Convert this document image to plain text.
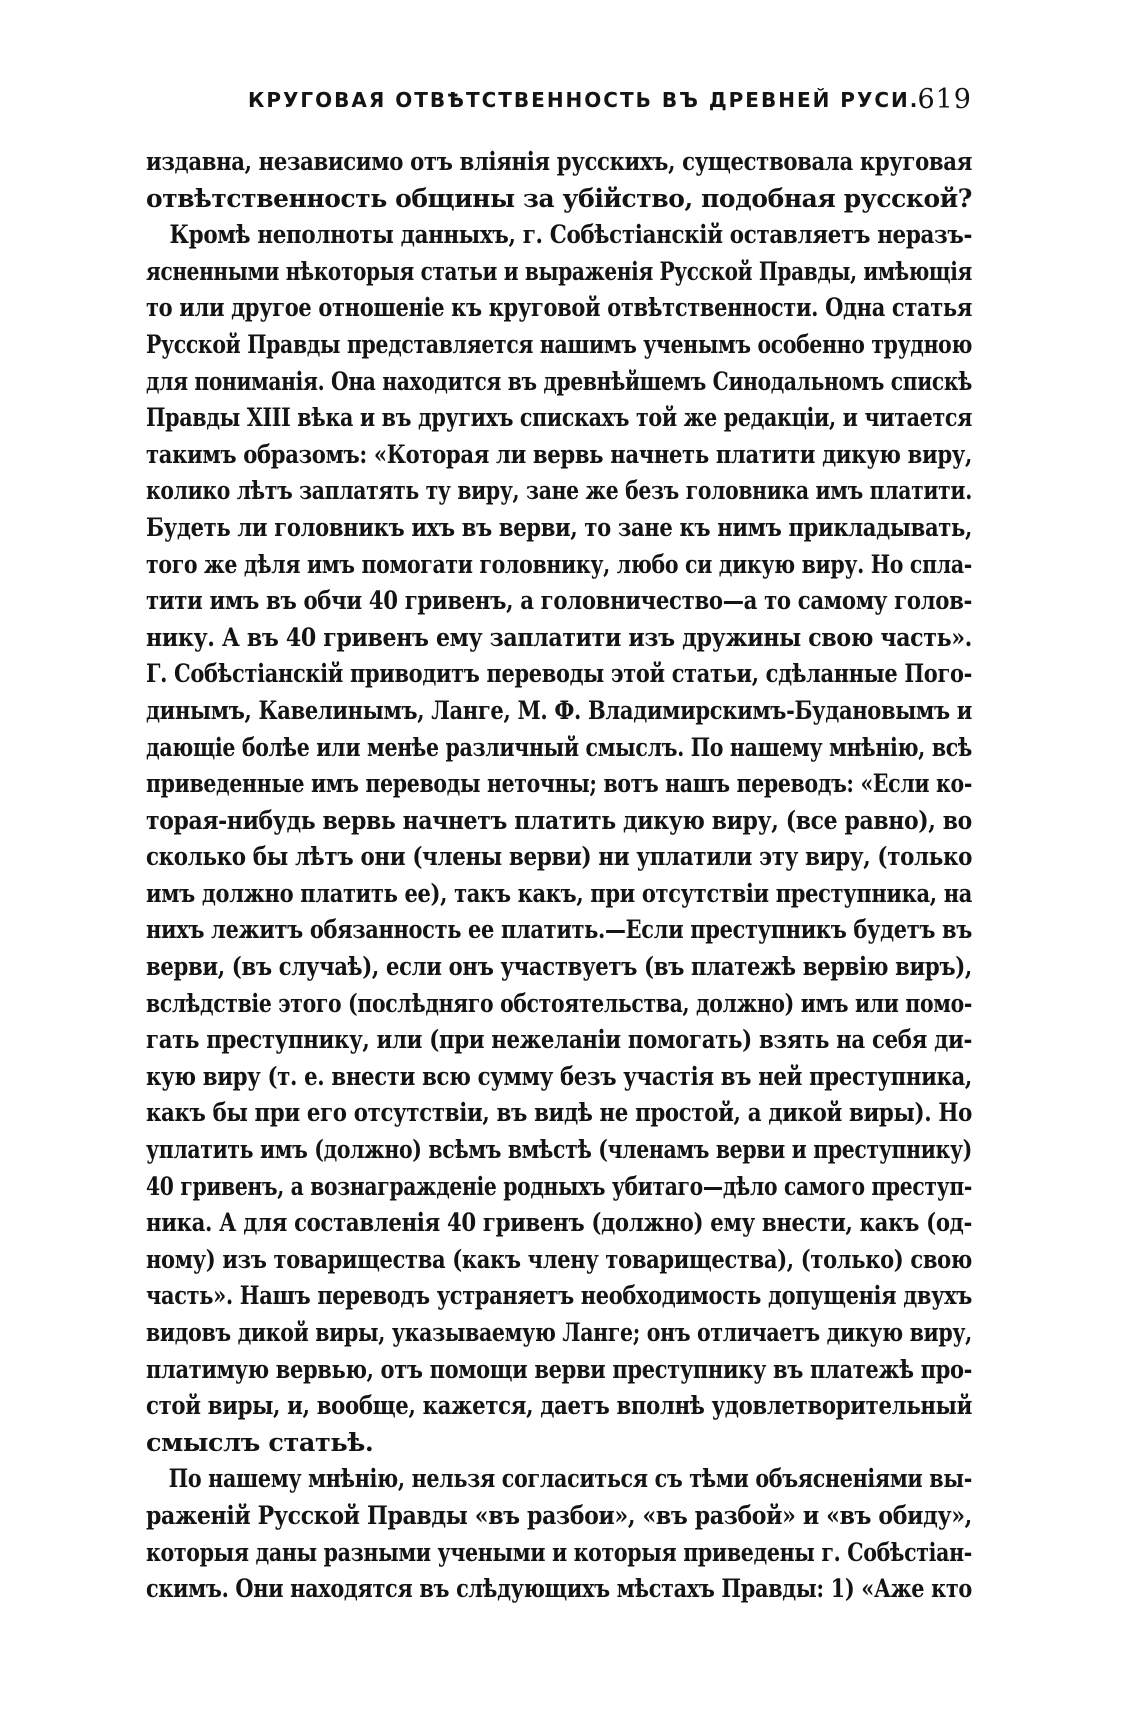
КРУГОВАЯ ОТВѢТСТВЕННОСТЬ ВЪ ДРЕВНЕЙ РУСИ.
619
издавна, независимо отъ вліянія русскихъ, существовала круговая
отвѣтственность общины за убійство, подобная русской?
Кромѣ неполноты данныхъ, г. Собѣстіанскій оставляетъ неразъ-
ясненными нѣкоторыя статьи и выраженія Русской Правды, имѣющія
то или другое отношеніе къ круговой отвѣтственности. Одна статья
Русской Правды представляется нашимъ ученымъ особенно трудною
для пониманія. Она находится въ древнѣйшемъ Синодальномъ спискѣ
Правды XIII вѣка и въ другихъ спискахъ той же редакціи, и читается
такимъ образомъ: «Которая ли вервь начнеть платити дикую виру,
колико лѣтъ заплатять ту виру, зане же безъ головника имъ платити.
Будеть ли головникъ ихъ въ верви, то зане къ нимъ прикладывать,
того же дѣля имъ помогати головнику, любо си дикую виру. Но спла-
тити имъ въ обчи 40 гривенъ, а головничество—а то самому голов-
нику. А въ 40 гривенъ ему заплатити изъ дружины свою часть».
Г. Собѣстіанскій приводитъ переводы этой статьи, сдѣланные Пого-
динымъ, Кавелинымъ, Ланге, М. Ф. Владимирскимъ-Будановымъ и
дающіе болѣе или менѣе различный смыслъ. По нашему мнѣнію, всѣ
приведенные имъ переводы неточны; вотъ нашъ переводъ: «Если ко-
торая-нибудь вервь начнетъ платить дикую виру, (все равно), во
сколько бы лѣтъ они (члены верви) ни уплатили эту виру, (только
имъ должно платить ее), такъ какъ, при отсутствіи преступника, на
нихъ лежитъ обязанность ее платить.—Если преступникъ будетъ въ
верви, (въ случаѣ), если онъ участвуетъ (въ платежѣ вервію виръ),
вслѣдствіе этого (послѣдняго обстоятельства, должно) имъ или помо-
гать преступнику, или (при нежеланіи помогать) взять на себя ди-
кую виру (т. е. внести всю сумму безъ участія въ ней преступника,
какъ бы при его отсутствіи, въ видѣ не простой, а дикой виры). Но
уплатить имъ (должно) всѣмъ вмѣстѣ (членамъ верви и преступнику)
40 гривенъ, а вознагражденіе родныхъ убитаго—дѣло самого преступ-
ника. А для составленія 40 гривенъ (должно) ему внести, какъ (од-
ному) изъ товарищества (какъ члену товарищества), (только) свою
часть». Нашъ переводъ устраняетъ необходимость допущенія двухъ
видовъ дикой виры, указываемую Ланге; онъ отличаетъ дикую виру,
платимую вервью, отъ помощи верви преступнику въ платежѣ про-
стой виры, и, вообще, кажется, даетъ вполнѣ удовлетворительный
смыслъ статьѣ.
По нашему мнѣнію, нельзя согласиться съ тѣми объясненіями вы-
раженій Русской Правды «въ разбои», «въ разбой» и «въ обиду»,
которыя даны разными учеными и которыя приведены г. Собѣстіан-
скимъ. Они находятся въ слѣдующихъ мѣстахъ Правды: 1) «Аже кто
